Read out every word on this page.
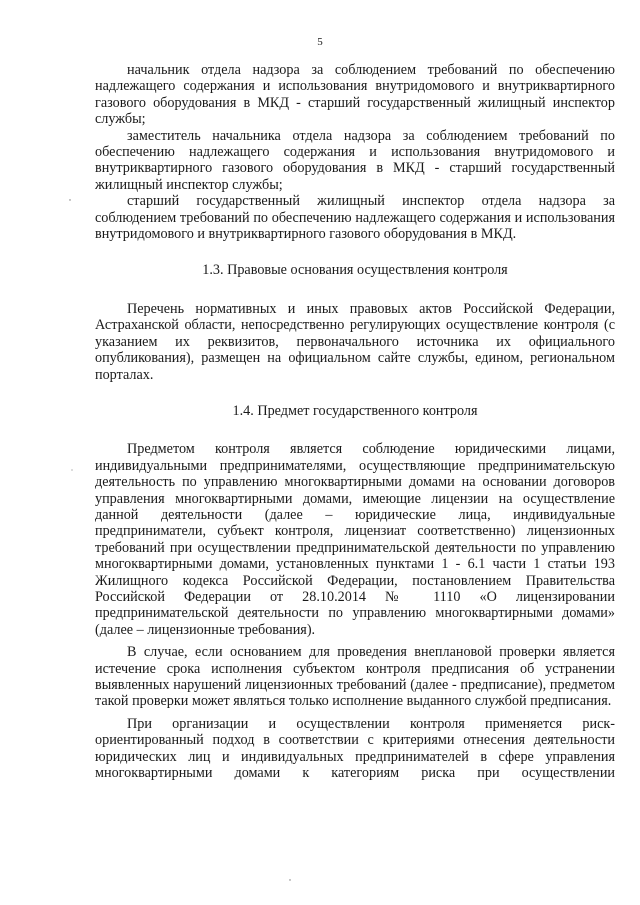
5

начальник отдела надзора за соблюдением требований по обеспечению надлежащего содержания и использования внутридомового и внутриквартирного газового оборудования в МКД - старший государственный жилищный инспектор службы;

заместитель начальника отдела надзора за соблюдением требований по обеспечению надлежащего содержания и использования внутридомового и внутриквартирного газового оборудования в МКД - старший государственный жилищный инспектор службы;

старший государственный жилищный инспектор отдела надзора за соблюдением требований по обеспечению надлежащего содержания и использования внутридомового и внутриквартирного газового оборудования в МКД.

1.3. Правовые основания осуществления контроля

Перечень нормативных и иных правовых актов Российской Федерации, Астраханской области, непосредственно регулирующих осуществление контроля (с указанием их реквизитов, первоначального источника их официального опубликования), размещен на официальном сайте службы, едином, региональном порталах.

1.4. Предмет государственного контроля

Предметом контроля является соблюдение юридическими лицами, индивидуальными предпринимателями, осуществляющие предпринимательскую деятельность по управлению многоквартирными домами на основании договоров управления многоквартирными домами, имеющие лицензии на осуществление данной деятельности (далее – юридические лица, индивидуальные предприниматели, субъект контроля, лицензиат соответственно) лицензионных требований при осуществлении предпринимательской деятельности по управлению многоквартирными домами, установленных пунктами 1 - 6.1 части 1 статьи 193 Жилищного кодекса Российской Федерации, постановлением Правительства Российской Федерации от 28.10.2014 № 1110 «О лицензировании предпринимательской деятельности по управлению многоквартирными домами» (далее – лицензионные требования).

В случае, если основанием для проведения внеплановой проверки является истечение срока исполнения субъектом контроля предписания об устранении выявленных нарушений лицензионных требований (далее - предписание), предметом такой проверки может являться только исполнение выданного службой предписания.

При организации и осуществлении контроля применяется риск-ориентированный подход в соответствии с критериями отнесения деятельности юридических лиц и индивидуальных предпринимателей в сфере управления многоквартирными домами к категориям риска при осуществлении
